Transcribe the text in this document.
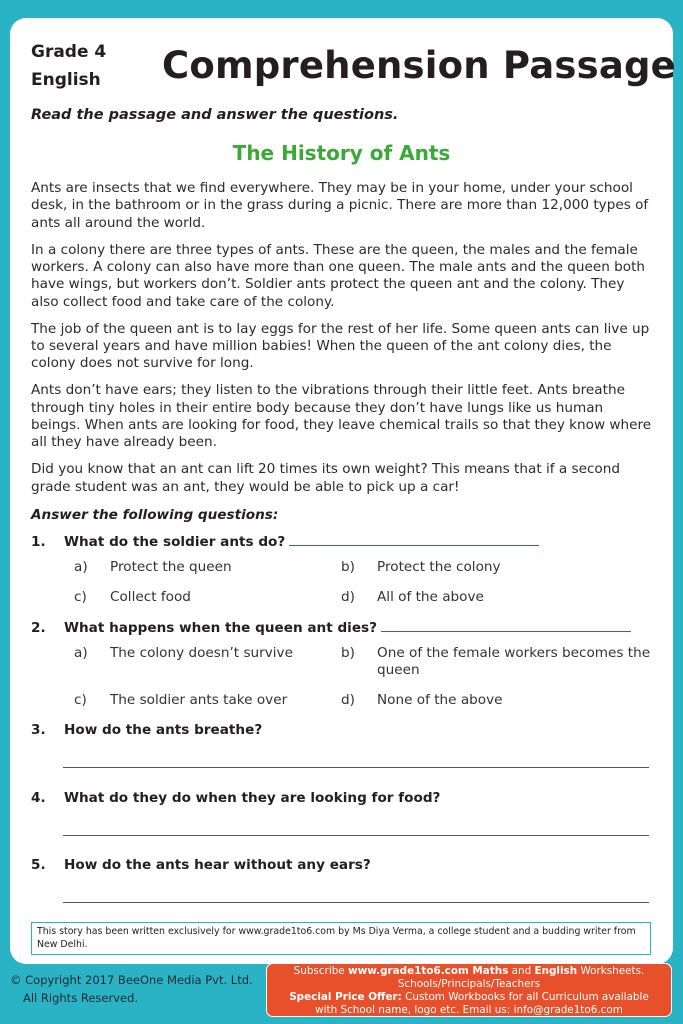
Grade 4
English Comprehension Passage
Read the passage and answer the questions.
The History of Ants

Ants are insects that we find everywhere. They may be in your home, under your school desk, in the bathroom or in the grass during a picnic. There are more than 12,000 types of ants all around the world.

In a colony there are three types of ants. These are the queen, the males and the female workers. A colony can also have more than one queen. The male ants and the queen both have wings, but workers don’t. Soldier ants protect the queen ant and the colony. They also collect food and take care of the colony.

The job of the queen ant is to lay eggs for the rest of her life. Some queen ants can live up to several years and have million babies! When the queen of the ant colony dies, the colony does not survive for long.

Ants don’t have ears; they listen to the vibrations through their little feet. Ants breathe through tiny holes in their entire body because they don’t have lungs like us human beings. When ants are looking for food, they leave chemical trails so that they know where all they have already been.

Did you know that an ant can lift 20 times its own weight? This means that if a second grade student was an ant, they would be able to pick up a car!

Answer the following questions:
1. What do the soldier ants do?
a) Protect the queen	b) Protect the colony
c) Collect food	d) All of the above
2. What happens when the queen ant dies?
a) The colony doesn’t survive	b) One of the female workers becomes the queen
c) The soldier ants take over	d) None of the above
3. How do the ants breathe?
4. What do they do when they are looking for food?
5. How do the ants hear without any ears?
This story has been written exclusively for www.grade1to6.com by Ms Diya Verma, a college student and a budding writer from New Delhi.
© Copyright 2017 BeeOne Media Pvt. Ltd.
All Rights Reserved.
Subscribe www.grade1to6.com Maths and English Worksheets.
Schools/Principals/Teachers
Special Price Offer: Custom Workbooks for all Curriculum available
with School name, logo etc. Email us: info@grade1to6.com
